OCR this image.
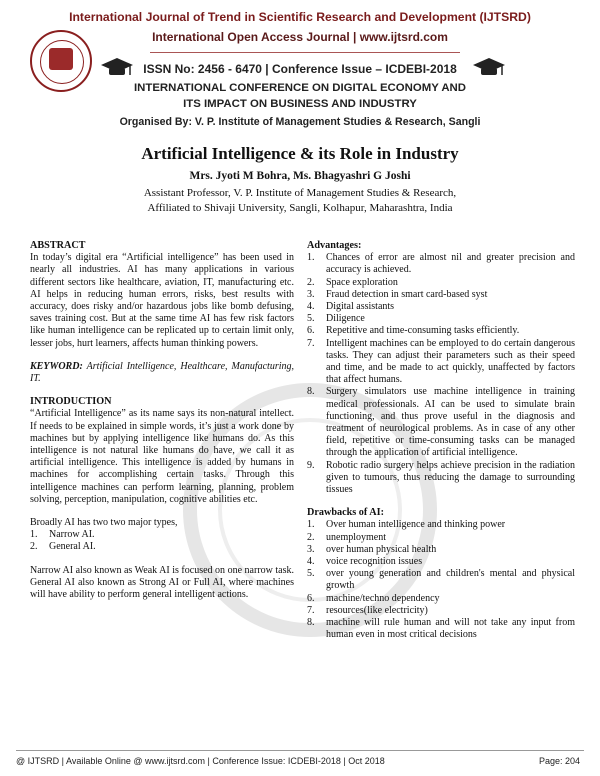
International Journal of Trend in Scientific Research and Development (IJTSRD)
International Open Access Journal | www.ijtsrd.com
ISSN No: 2456 - 6470 | Conference Issue – ICDEBI-2018
INTERNATIONAL CONFERENCE ON DIGITAL ECONOMY AND
ITS IMPACT ON BUSINESS AND INDUSTRY
Organised By: V. P. Institute of Management Studies & Research, Sangli
Artificial Intelligence & its Role in Industry
Mrs. Jyoti M Bohra, Ms. Bhagyashri G Joshi
Assistant Professor, V. P. Institute of Management Studies & Research,
Affiliated to Shivaji University, Sangli, Kolhapur, Maharashtra, India
ABSTRACT

In today’s digital era “Artificial intelligence” has been used in nearly all industries. AI has many applications in various different sectors like healthcare, aviation, IT, manufacturing etc. AI helps in reducing human errors, risks, best results with accuracy, does risky and/or hazardous jobs like bomb defusing, saves training cost. But at the same time AI has few risk factors like human intelligence can be replicated up to certain limit only, lesser jobs, hurt learners, affects human thinking powers.

KEYWORD: Artificial Intelligence, Healthcare, Manufacturing, IT.

INTRODUCTION

“Artificial Intelligence” as its name says its non-natural intellect. If needs to be explained in simple words, it’s just a work done by machines but by applying intelligence like humans do. As this intelligence is not natural like humans do have, we call it as artificial intelligence. This intelligence is added by humans in machines for accomplishing certain tasks. Through this intelligence machines can perform learning, planning, problem solving, perception, manipulation, cognitive abilities etc.

Broadly AI has two two major types,

1. Narrow AI.
2. General AI.

Narrow AI also known as Weak AI is focused on one narrow task. General AI also known as Strong AI or Full AI, where machines will have ability to perform general intelligent actions.

Advantages:
1. Chances of error are almost nil and greater precision and accuracy is achieved.
2. Space exploration
3. Fraud detection in smart card-based syst
4. Digital assistants
5. Diligence
6. Repetitive and time-consuming tasks efficiently.
7. Intelligent machines can be employed to do certain dangerous tasks. They can adjust their parameters such as their speed and time, and be made to act quickly, unaffected by factors that affect humans.
8. Surgery simulators use machine intelligence in training medical professionals. AI can be used to simulate brain functioning, and thus prove useful in the diagnosis and treatment of neurological problems. As in case of any other field, repetitive or time-consuming tasks can be managed through the application of artificial intelligence.
9. Robotic radio surgery helps achieve precision in the radiation given to tumours, thus reducing the damage to surrounding tissues
Drawbacks of AI:
1. Over human intelligence and thinking power
2. unemployment
3. over human physical health
4. voice recognition issues
5. over young generation and children's mental and physical growth
6. machine/techno dependency
7. resources(like electricity)
8. machine will rule human and will not take any input from human even in most critical decisions
@ IJTSRD | Available Online @ www.ijtsrd.com | Conference Issue: ICDEBI-2018 | Oct 2018	Page: 204
